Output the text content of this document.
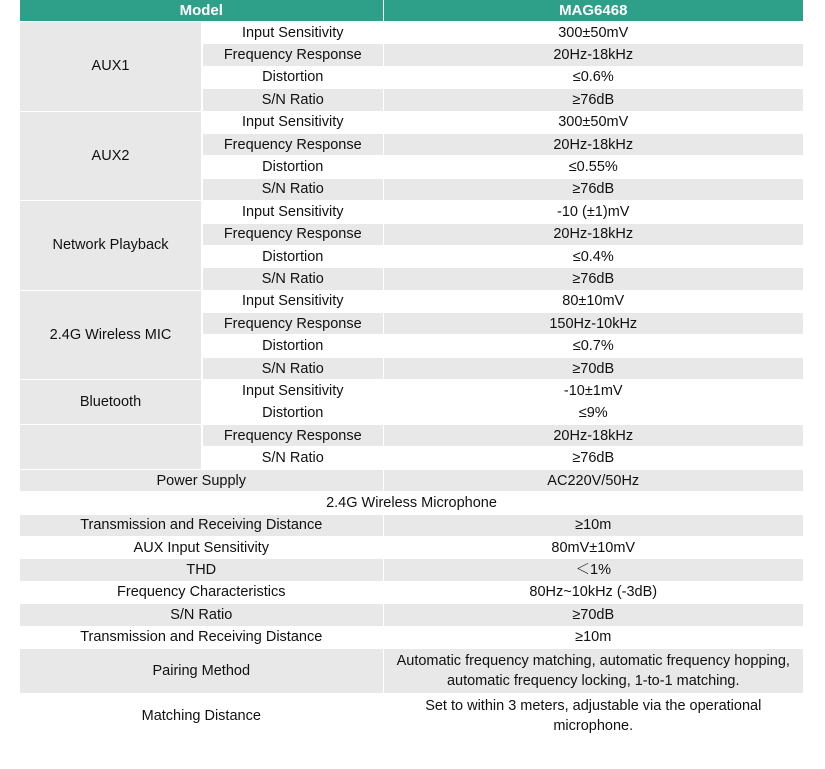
Model		MAG6468
AUX1	Input Sensitivity	300±50mV
	Frequency Response	20Hz-18kHz
	Distortion	≤0.6%
	S/N Ratio	≥76dB
AUX2	Input Sensitivity	300±50mV
	Frequency Response	20Hz-18kHz
	Distortion	≤0.55%
	S/N Ratio	≥76dB
Network Playback	Input Sensitivity	-10 (±1)mV
	Frequency Response	20Hz-18kHz
	Distortion	≤0.4%
	S/N Ratio	≥76dB
2.4G Wireless MIC	Input Sensitivity	80±10mV
	Frequency Response	150Hz-10kHz
	Distortion	≤0.7%
	S/N Ratio	≥70dB
Bluetooth	Input Sensitivity	-10±1mV
	Distortion	≤9%
	Frequency Response	20Hz-18kHz
	S/N Ratio	≥76dB
Power Supply		AC220V/50Hz
2.4G Wireless Microphone		
Transmission and Receiving Distance		≥10m
AUX Input Sensitivity		80mV±10mV
THD		＜1%
Frequency Characteristics		80Hz~10kHz (-3dB)
S/N Ratio		≥70dB
Transmission and Receiving Distance		≥10m
Pairing Method		Automatic frequency matching, automatic frequency hopping, automatic frequency locking, 1-to-1 matching.
Matching Distance		Set to within 3 meters, adjustable via the operational microphone.
